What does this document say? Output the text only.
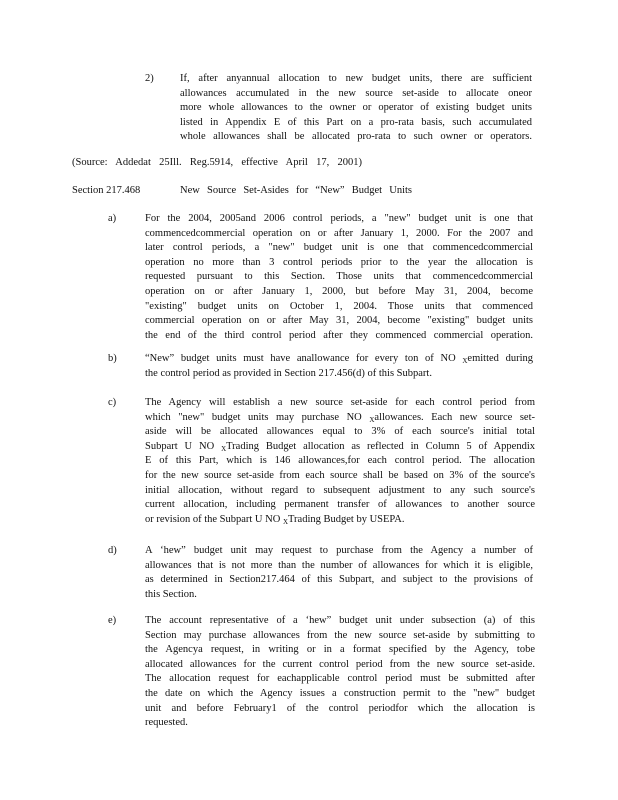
2)	If, after anyannual allocation to new budget units, there are sufficient
allowances accumulated in the new source set-aside to allocate oneor
more whole allowances to the owner or operator of existing budget units
listed in Appendix E of this Part on a pro-rata basis, such accumulated
whole allowances shall be allocated pro-rata to such owner or operators.
(Source: Addedat 25Ill. Reg.5914, effective April 17, 2001)
Section 217.468	New Source Set-Asides for “New” Budget Units
a)	For the 2004, 2005and 2006 control periods, a "new" budget unit is one that
commencedcommercial operation on or after January 1, 2000. For the 2007 and
later control periods, a "new" budget unit is one that commencedcommercial
operation no more than 3 control periods prior to the year the allocation is
requested pursuant to this Section. Those units that commencedcommercial
operation on or after January 1, 2000, but before May 31, 2004, become
"existing" budget units on October 1, 2004. Those units that commenced
commercial operation on or after May 31, 2004, become "existing" budget units
the end of the third control period after they commenced commercial operation.
b)	“New” budget units must have anallowance for every ton of NO $_X$emitted during
the control period as provided in Section 217.456(d) of this Subpart.
c)	The Agency will establish a new source set-aside for each control period from
which "new" budget units may purchase NO $_X$allowances. Each new source set-
aside will be allocated allowances equal to 3% of each source's initial total
Subpart U NO $_X$Trading Budget allocation as reflected in Column 5 of Appendix
E of this Part, which is 146 allowances,for each control period. The allocation
for the new source set-aside from each source shall be based on 3% of the source's
initial allocation, without regard to subsequent adjustment to any such source's
current allocation, including permanent transfer of allowances to another source
or revision of the Subpart U NO $_X$Trading Budget by USEPA.
d)	A ‘hew” budget unit may request to purchase from the Agency a number of
allowances that is not more than the number of allowances for which it is eligible,
as determined in Section217.464 of this Subpart, and subject to the provisions of
this Section.
e)	The account representative of a ‘hew” budget unit under subsection (a) of this
Section may purchase allowances from the new source set-aside by submitting to
the Agencya request, in writing or in a format specified by the Agency, tobe
allocated allowances for the current control period from the new source set-aside.
The allocation request for eachapplicable control period must be submitted after
the date on which the Agency issues a construction permit to the "new" budget
unit and before February1 of the control periodfor which the allocation is
requested.
